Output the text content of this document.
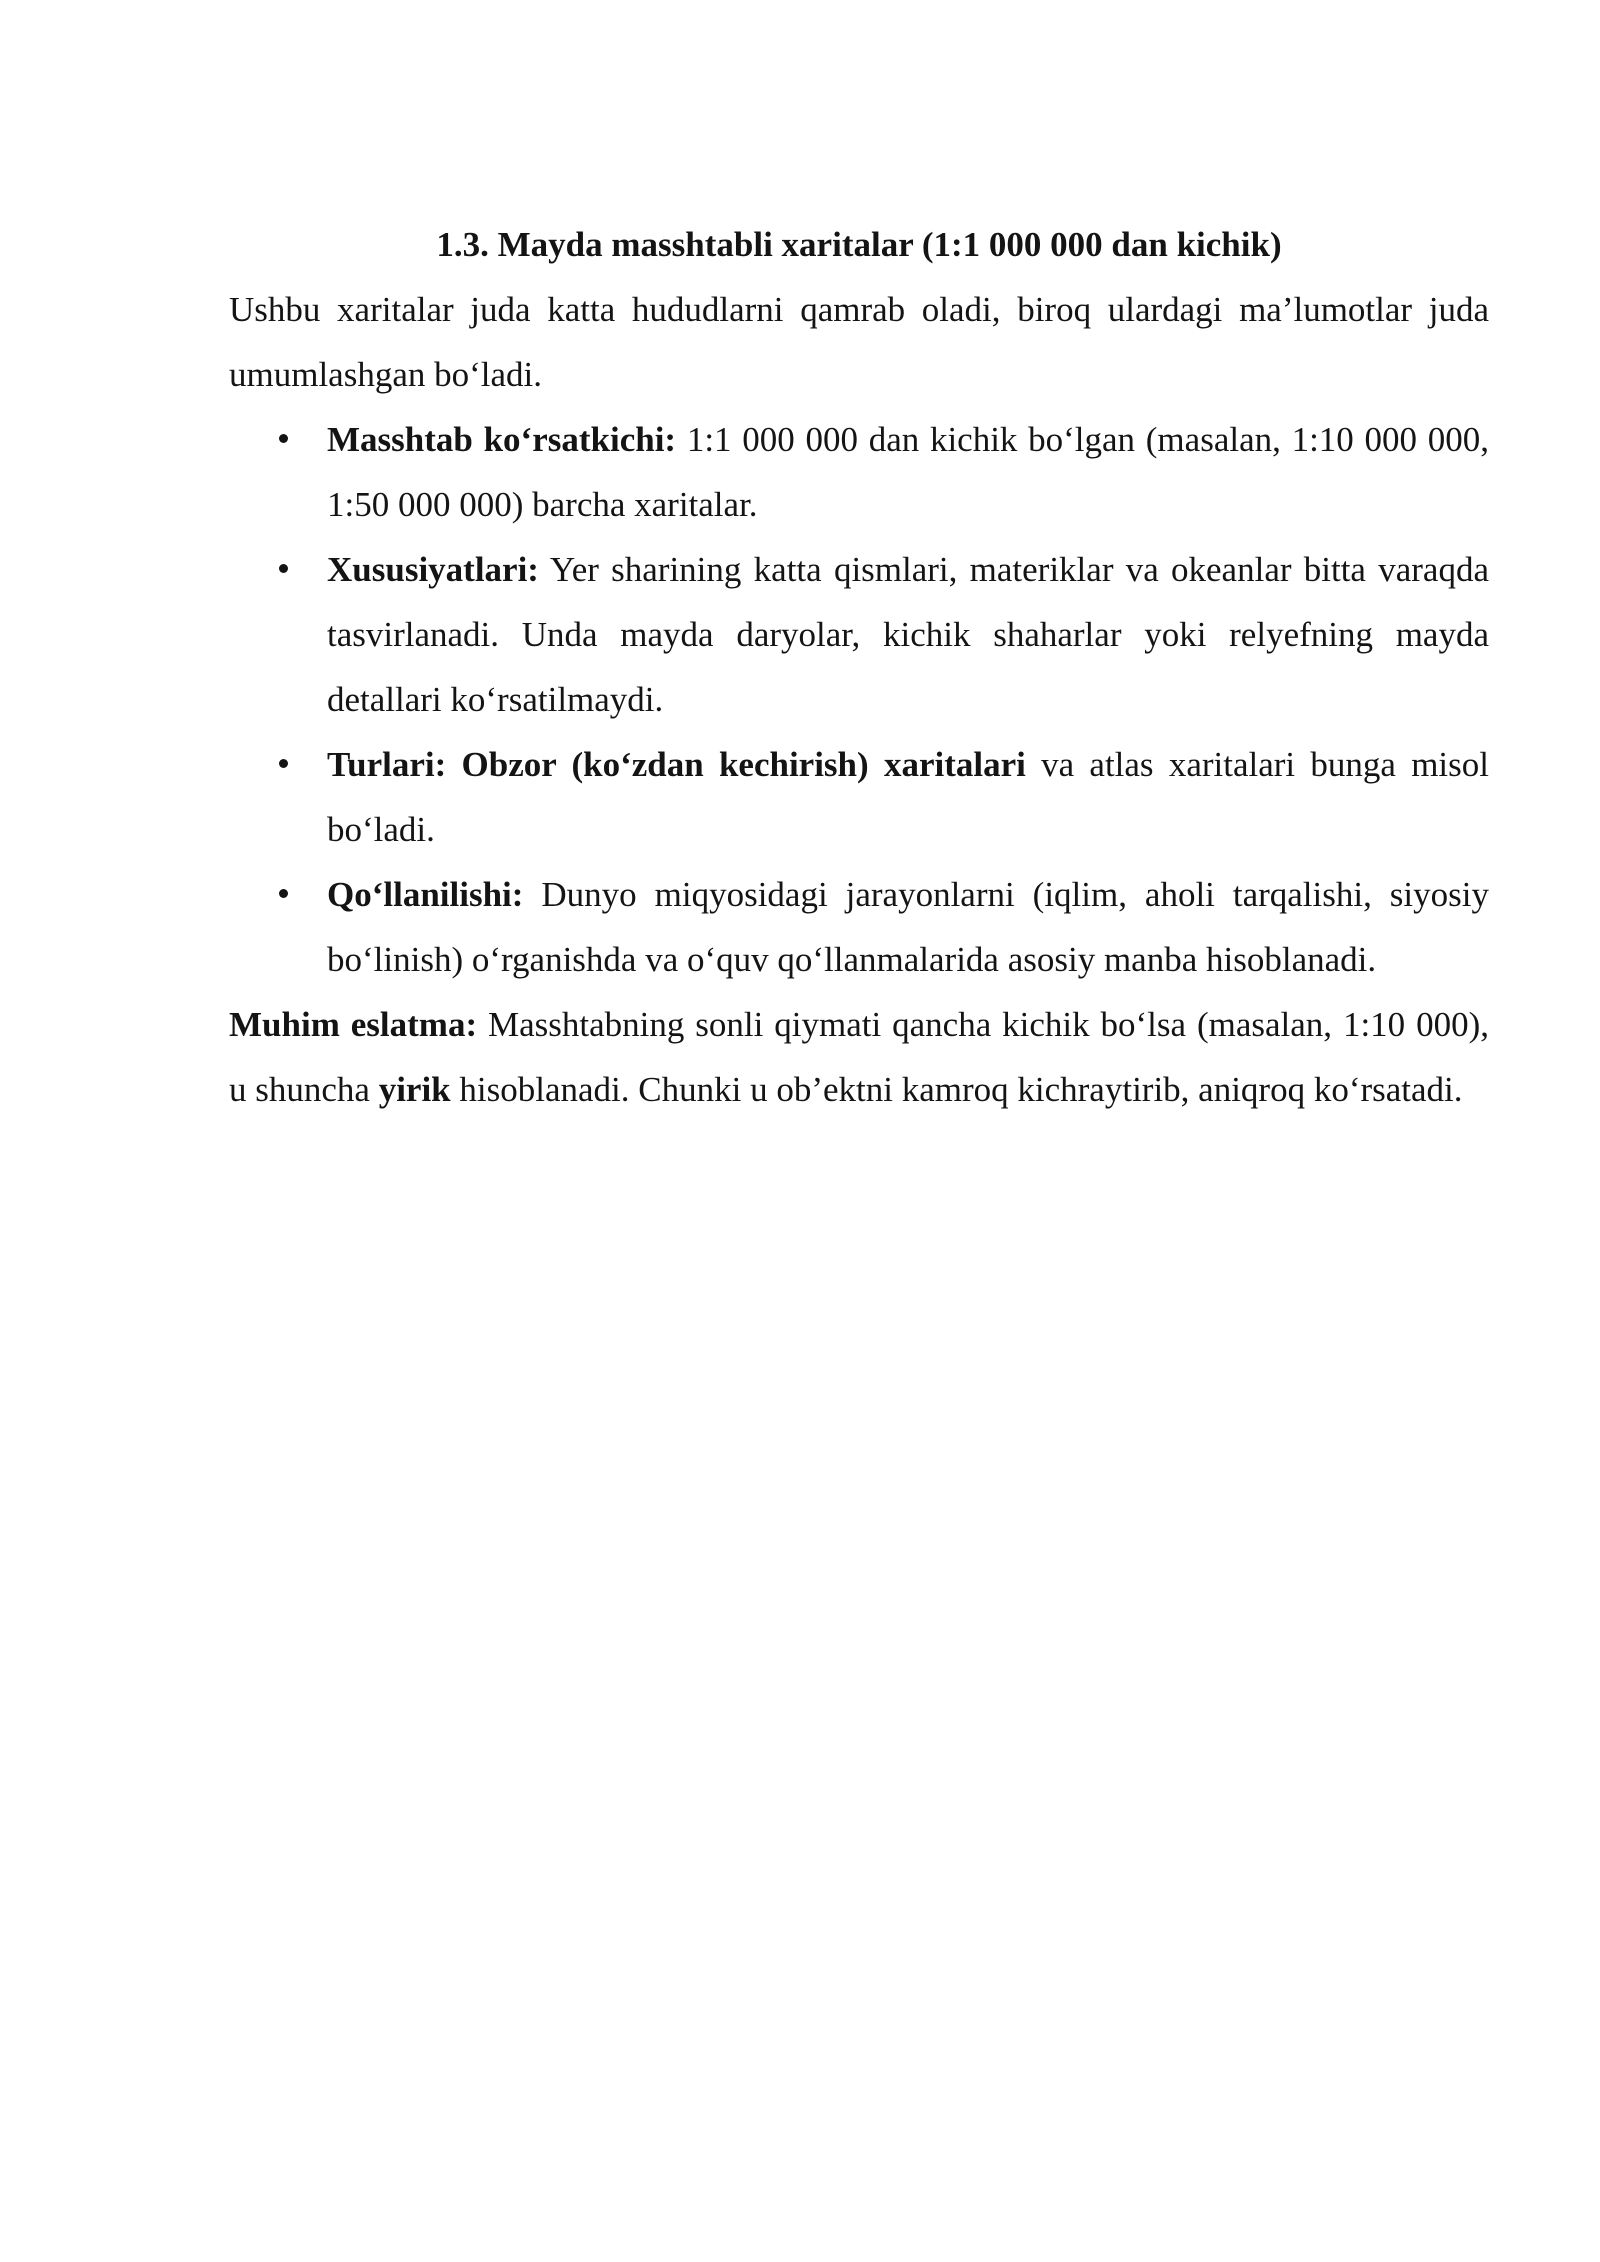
1.3. Mayda masshtabli xaritalar (1:1 000 000 dan kichik)

Ushbu xaritalar juda katta hududlarni qamrab oladi, biroq ulardagi ma’lumotlar juda umumlashgan bo‘ladi.

Masshtab ko‘rsatkichi: 1:1 000 000 dan kichik bo‘lgan (masalan, 1:10 000 000, 1:50 000 000) barcha xaritalar.
Xususiyatlari: Yer sharining katta qismlari, materiklar va okeanlar bitta varaqda tasvirlanadi. Unda mayda daryolar, kichik shaharlar yoki relyefning mayda detallari ko‘rsatilmaydi.
Turlari: Obzor (ko‘zdan kechirish) xaritalari va atlas xaritalari bunga misol bo‘ladi.
Qo‘llanilishi: Dunyo miqyosidagi jarayonlarni (iqlim, aholi tarqalishi, siyosiy bo‘linish) o‘rganishda va o‘quv qo‘llanmalarida asosiy manba hisoblanadi.

Muhim eslatma: Masshtabning sonli qiymati qancha kichik bo‘lsa (masalan, 1:10 000), u shuncha yirik hisoblanadi. Chunki u ob’ektni kamroq kichraytirib, aniqroq ko‘rsatadi.
